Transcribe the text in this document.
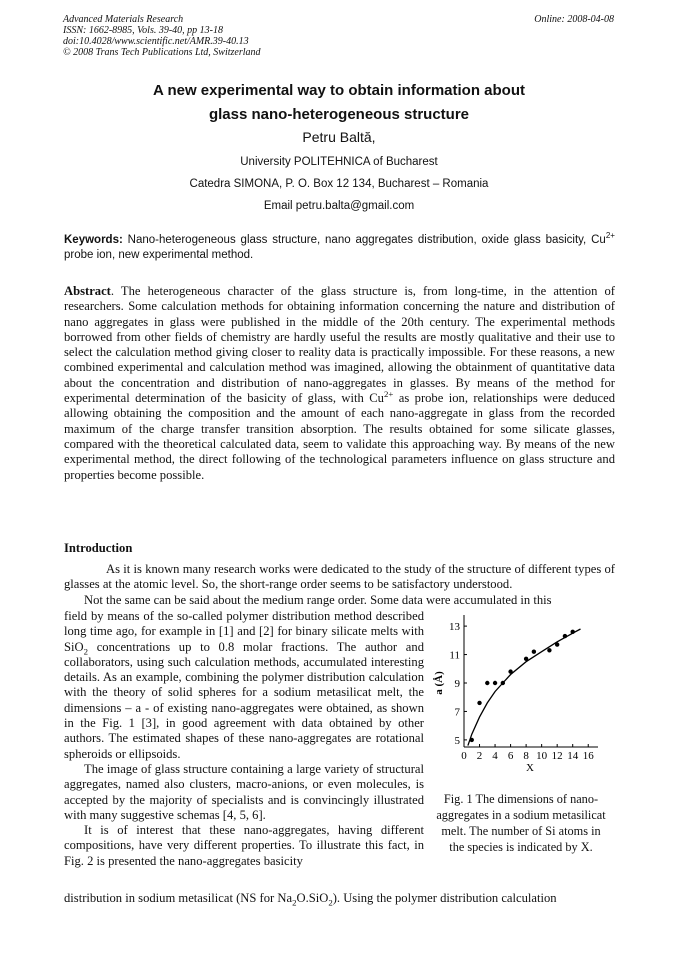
Advanced Materials Research
ISSN: 1662-8985, Vols. 39-40, pp 13-18
doi:10.4028/www.scientific.net/AMR.39-40.13
© 2008 Trans Tech Publications Ltd, Switzerland
Online: 2008-04-08
A new experimental way to obtain information about
glass nano-heterogeneous structure
Petru Baltă,
University POLITEHNICA of Bucharest
Catedra SIMONA, P. O. Box 12 134, Bucharest – Romania
Email petru.balta@gmail.com
Keywords: Nano-heterogeneous glass structure, nano aggregates distribution, oxide glass basicity, $Cu^{2+}$ probe ion, new experimental method.
Abstract. The heterogeneous character of the glass structure is, from long-time, in the attention of researchers. Some calculation methods for obtaining information concerning the nature and distribution of nano aggregates in glass were published in the middle of the 20th century. The experimental methods borrowed from other fields of chemistry are hardly useful the results are mostly qualitative and their use to select the calculation method giving closer to reality data is practically impossible. For these reasons, a new combined experimental and calculation method was imagined, allowing the obtainment of quantitative data about the concentration and distribution of nano-aggregates in glasses. By means of the method for experimental determination of the basicity of glass, with $Cu^{2+}$ as probe ion, relationships were deduced allowing obtaining the composition and the amount of each nano-aggregate in glass from the recorded maximum of the charge transfer transition absorption. The results obtained for some silicate glasses, compared with the theoretical calculated data, seem to validate this approaching way. By means of the new experimental method, the direct following of the technological parameters influence on glass structure and properties become possible.
Introduction
As it is known many research works were dedicated to the study of the structure of different types of glasses at the atomic level. So, the short-range order seems to be satisfactory understood.
Not the same can be said about the medium range order. Some data were accumulated in this

field by means of the so-called polymer distribution method described long time ago, for example in [1] and [2] for binary silicate melts with SiO$_2$ concentrations up to 0.8 molar fractions. The author and collaborators, using such calculation methods, accumulated interesting details. As an example, combining the polymer distribution calculation with the theory of solid spheres for a sodium metasilicat melt, the dimensions – a - of existing nano-aggregates were obtained, as shown in the Fig. 1 [3], in good agreement with data obtained by other authors. The estimated shapes of these nano-aggregates are rotational spheroids or ellipsoids.

The image of glass structure containing a large variety of structural aggregates, named also clusters, macro-anions, or even molecules, is accepted by the majority of specialists and is convincingly illustrated with many suggestive schemas [4, 5, 6].

It is of interest that these nano-aggregates, having different compositions, have very different properties. To illustrate this fact, in Fig. 2 is presented the nano-aggregates basicity

distribution in sodium metasilicat (NS for $Na_2O.SiO_2$). Using the polymer distribution calculation
5
7
9
11
13
0 2 4 6 8 10 12 14 16
X
a (Å)
Fig. 1 The dimensions of nano-aggregates in a sodium metasilicat melt. The number of Si atoms in the species is indicated by X.
